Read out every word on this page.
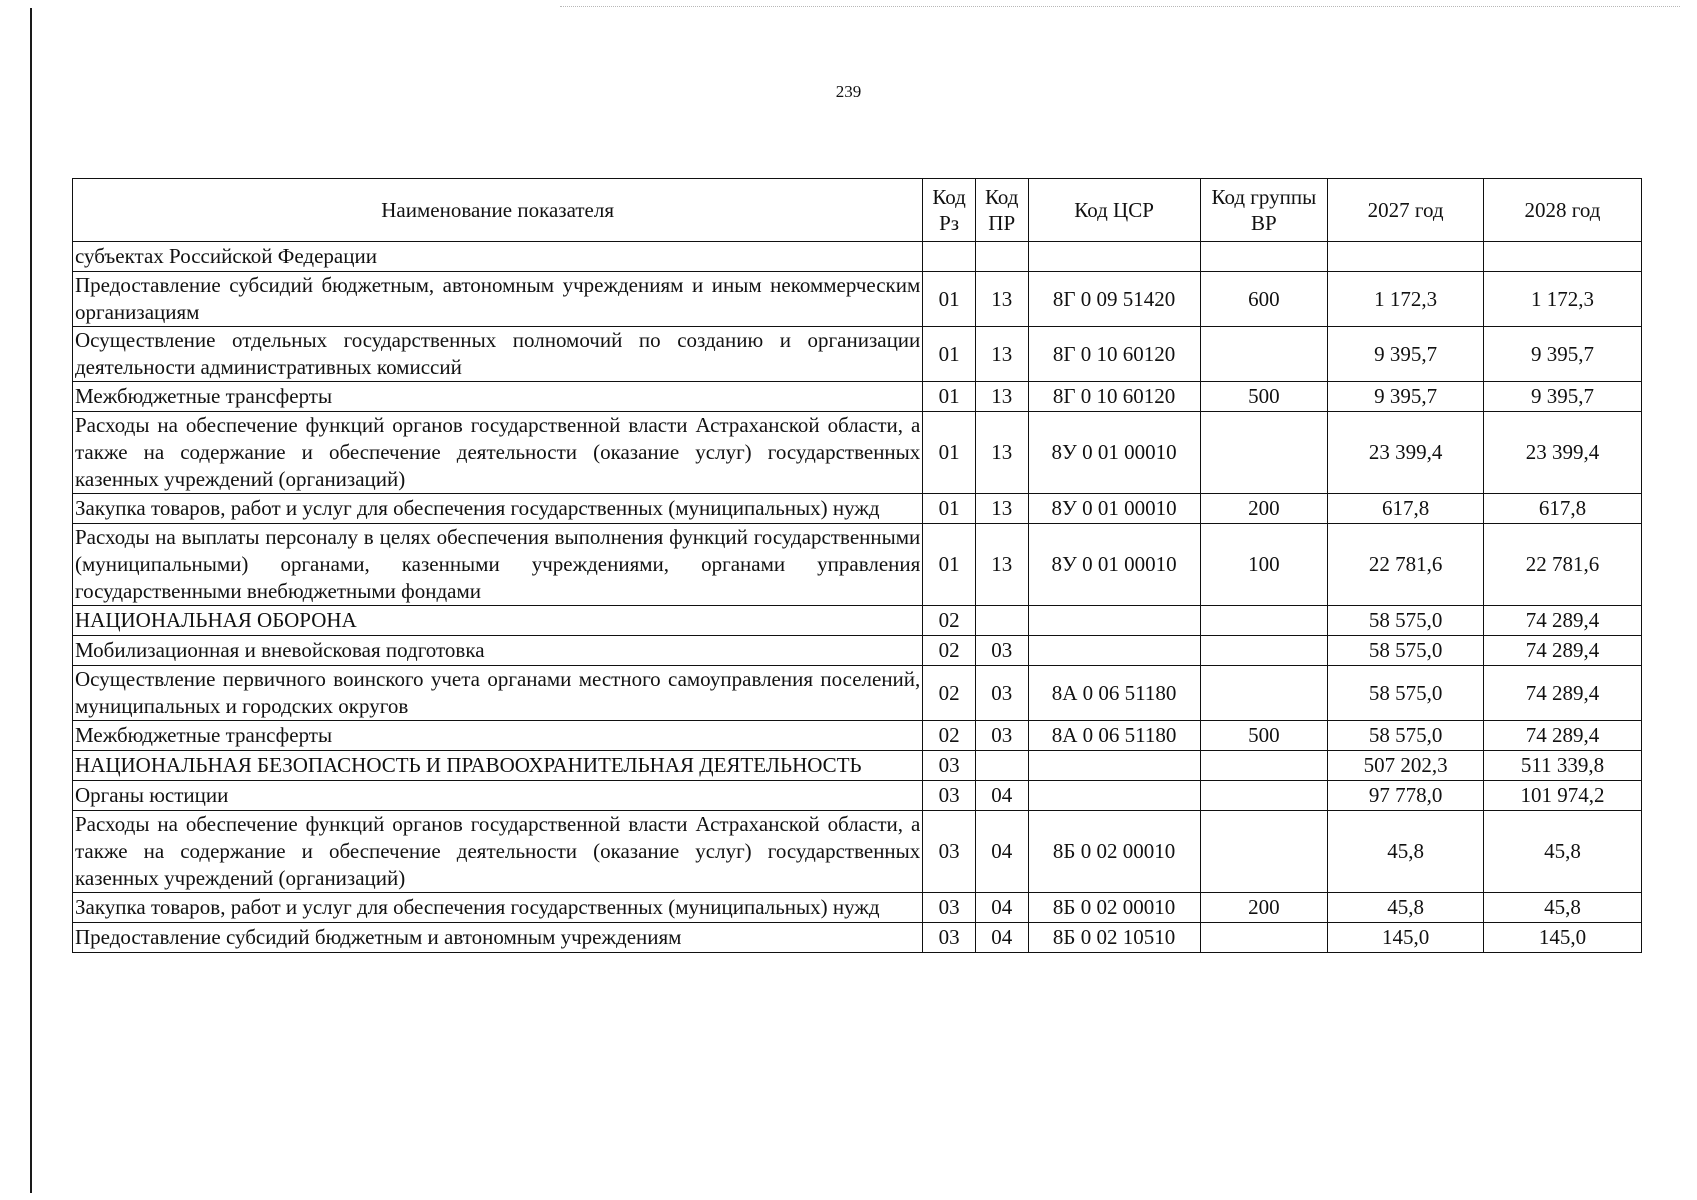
239
Наименование показателя	Код Рз	Код ПР	Код ЦСР	Код группы ВР	2027 год	2028 год
субъектах Российской Федерации						
Предоставление субсидий бюджетным, автономным учреждениям и иным некоммерческим организациям	01	13	8Г 0 09 51420	600	1 172,3	1 172,3
Осуществление отдельных государственных полномочий по созданию и организации деятельности административных комиссий	01	13	8Г 0 10 60120		9 395,7	9 395,7
Межбюджетные трансферты	01	13	8Г 0 10 60120	500	9 395,7	9 395,7
Расходы на обеспечение функций органов государственной власти Астраханской области, а также на содержание и обеспечение деятельности (оказание услуг) государственных казенных учреждений (организаций)	01	13	8У 0 01 00010		23 399,4	23 399,4
Закупка товаров, работ и услуг для обеспечения государственных (муниципальных) нужд	01	13	8У 0 01 00010	200	617,8	617,8
Расходы на выплаты персоналу в целях обеспечения выполнения функций государственными (муниципальными) органами, казенными учреждениями, органами управления государственными внебюджетными фондами	01	13	8У 0 01 00010	100	22 781,6	22 781,6
НАЦИОНАЛЬНАЯ ОБОРОНА	02				58 575,0	74 289,4
Мобилизационная и вневойсковая подготовка	02	03			58 575,0	74 289,4
Осуществление первичного воинского учета органами местного самоуправления поселений, муниципальных и городских округов	02	03	8А 0 06 51180		58 575,0	74 289,4
Межбюджетные трансферты	02	03	8А 0 06 51180	500	58 575,0	74 289,4
НАЦИОНАЛЬНАЯ БЕЗОПАСНОСТЬ И ПРАВООХРАНИТЕЛЬНАЯ ДЕЯТЕЛЬНОСТЬ	03				507 202,3	511 339,8
Органы юстиции	03	04			97 778,0	101 974,2
Расходы на обеспечение функций органов государственной власти Астраханской области, а также на содержание и обеспечение деятельности (оказание услуг) государственных казенных учреждений (организаций)	03	04	8Б 0 02 00010		45,8	45,8
Закупка товаров, работ и услуг для обеспечения государственных (муниципальных) нужд	03	04	8Б 0 02 00010	200	45,8	45,8
Предоставление субсидий бюджетным и автономным учреждениям	03	04	8Б 0 02 10510		145,0	145,0
